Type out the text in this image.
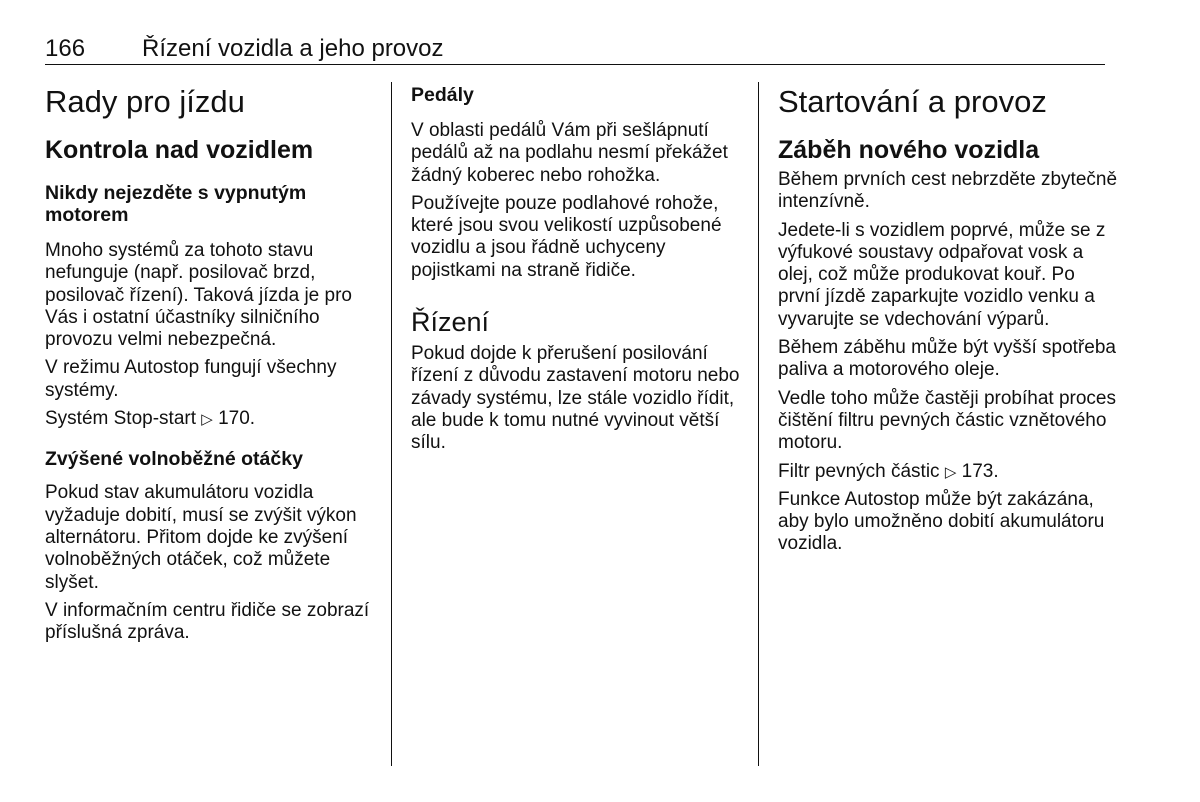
166 Řízení vozidla a jeho provoz
Rady pro jízdu
Kontrola nad vozidlem
Nikdy nejezděte s vypnutým motorem

Mnoho systémů za tohoto stavu nefunguje (např. posilovač brzd, posilovač řízení). Taková jízda je pro Vás i ostatní účastníky silničního provozu velmi nebezpečná.

V režimu Autostop fungují všechny systémy.

Systém Stop-start ▷ 170.

Zvýšené volnoběžné otáčky

Pokud stav akumulátoru vozidla vyžaduje dobití, musí se zvýšit výkon alternátoru. Přitom dojde ke zvýšení volnoběžných otáček, což můžete slyšet.

V informačním centru řidiče se zobrazí příslušná zpráva.

Pedály

V oblasti pedálů Vám při sešlápnutí pedálů až na podlahu nesmí překážet žádný koberec nebo rohožka.

Používejte pouze podlahové rohože, které jsou svou velikostí uzpůsobené vozidlu a jsou řádně uchyceny pojistkami na straně řidiče.

Řízení

Pokud dojde k přerušení posilování řízení z důvodu zastavení motoru nebo závady systému, lze stále vozidlo řídit, ale bude k tomu nutné vyvinout větší sílu.

Startování a provoz
Záběh nového vozidla

Během prvních cest nebrzděte zbytečně intenzívně.

Jedete-li s vozidlem poprvé, může se z výfukové soustavy odpařovat vosk a olej, což může produkovat kouř. Po první jízdě zaparkujte vozidlo venku a vyvarujte se vdechování výparů.

Během záběhu může být vyšší spotřeba paliva a motorového oleje.

Vedle toho může častěji probíhat proces čištění filtru pevných částic vznětového motoru.

Filtr pevných částic ▷ 173.

Funkce Autostop může být zakázána, aby bylo umožněno dobití akumulátoru vozidla.
